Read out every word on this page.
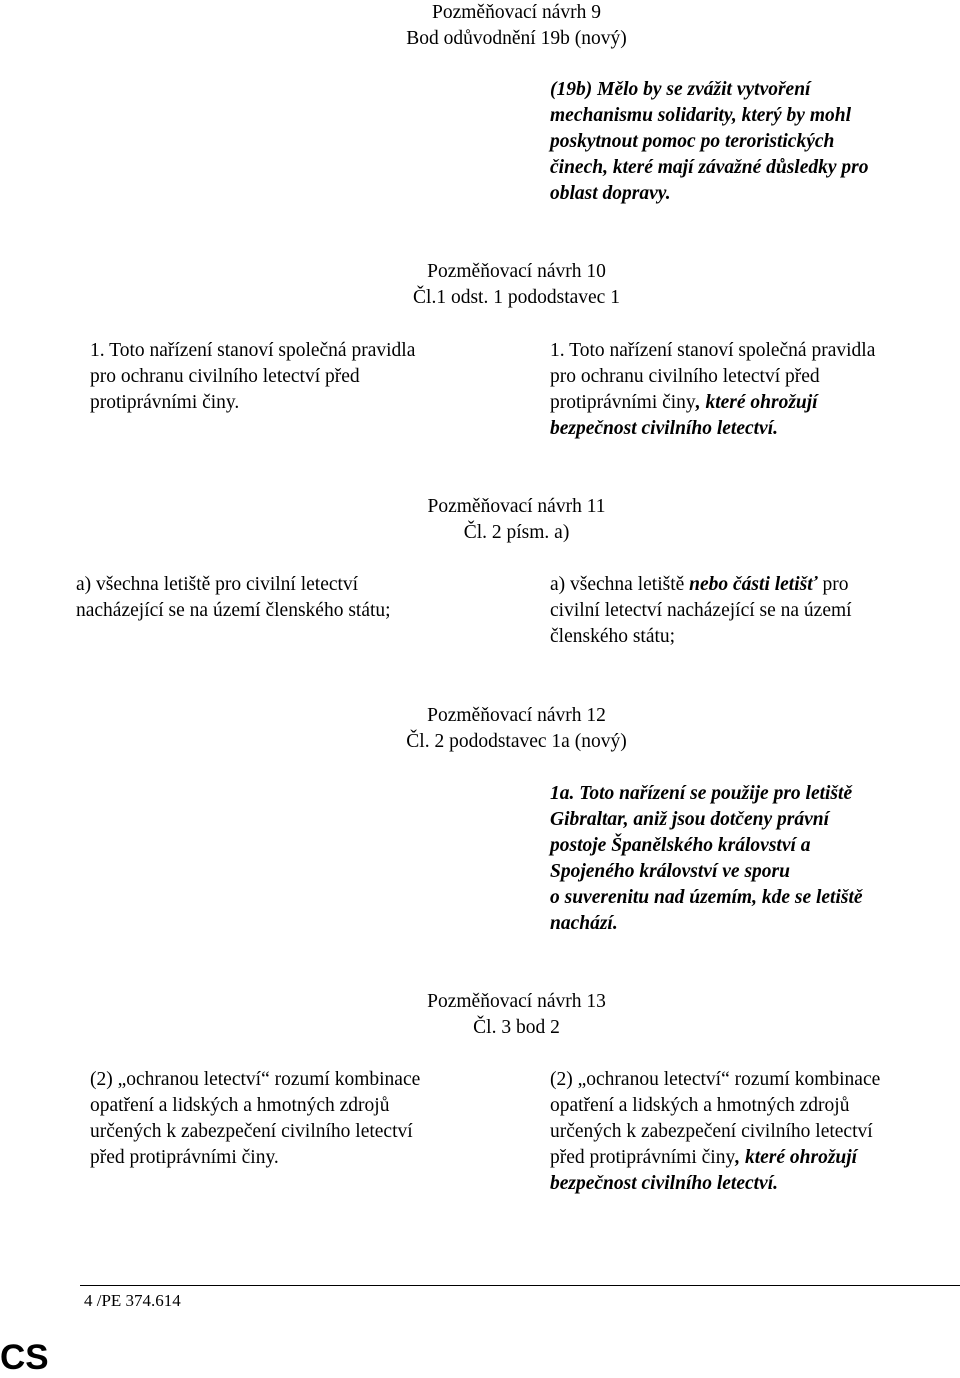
Pozměňovací návrh 9
Bod odůvodnění 19b (nový)
(19b) Mělo by se zvážit vytvoření
mechanismu solidarity, který by mohl
poskytnout pomoc po teroristických
činech, které mají závažné důsledky pro
oblast dopravy.
Pozměňovací návrh 10
Čl.1 odst. 1 pododstavec 1
1. Toto nařízení stanoví společná pravidla
pro ochranu civilního letectví před
protiprávními činy.
1. Toto nařízení stanoví společná pravidla
pro ochranu civilního letectví před
protiprávními činy, které ohrožují
bezpečnost civilního letectví.
Pozměňovací návrh 11
Čl. 2 písm. a)
a) všechna letiště pro civilní letectví
nacházející se na území členského státu;
a) všechna letiště nebo části letišť pro
civilní letectví nacházející se na území
členského státu;
Pozměňovací návrh 12
Čl. 2 pododstavec 1a (nový)
1a. Toto nařízení se použije pro letiště
Gibraltar, aniž jsou dotčeny právní
postoje Španělského království a
Spojeného království ve sporu
o suverenitu nad územím, kde se letiště
nachází.
Pozměňovací návrh 13
Čl. 3 bod 2
(2) „ochranou letectví“ rozumí kombinace
opatření a lidských a hmotných zdrojů
určených k zabezpečení civilního letectví
před protiprávními činy.
(2) „ochranou letectví“ rozumí kombinace
opatření a lidských a hmotných zdrojů
určených k zabezpečení civilního letectví
před protiprávními činy, které ohrožují
bezpečnost civilního letectví.
4 /PE 374.614
CS
